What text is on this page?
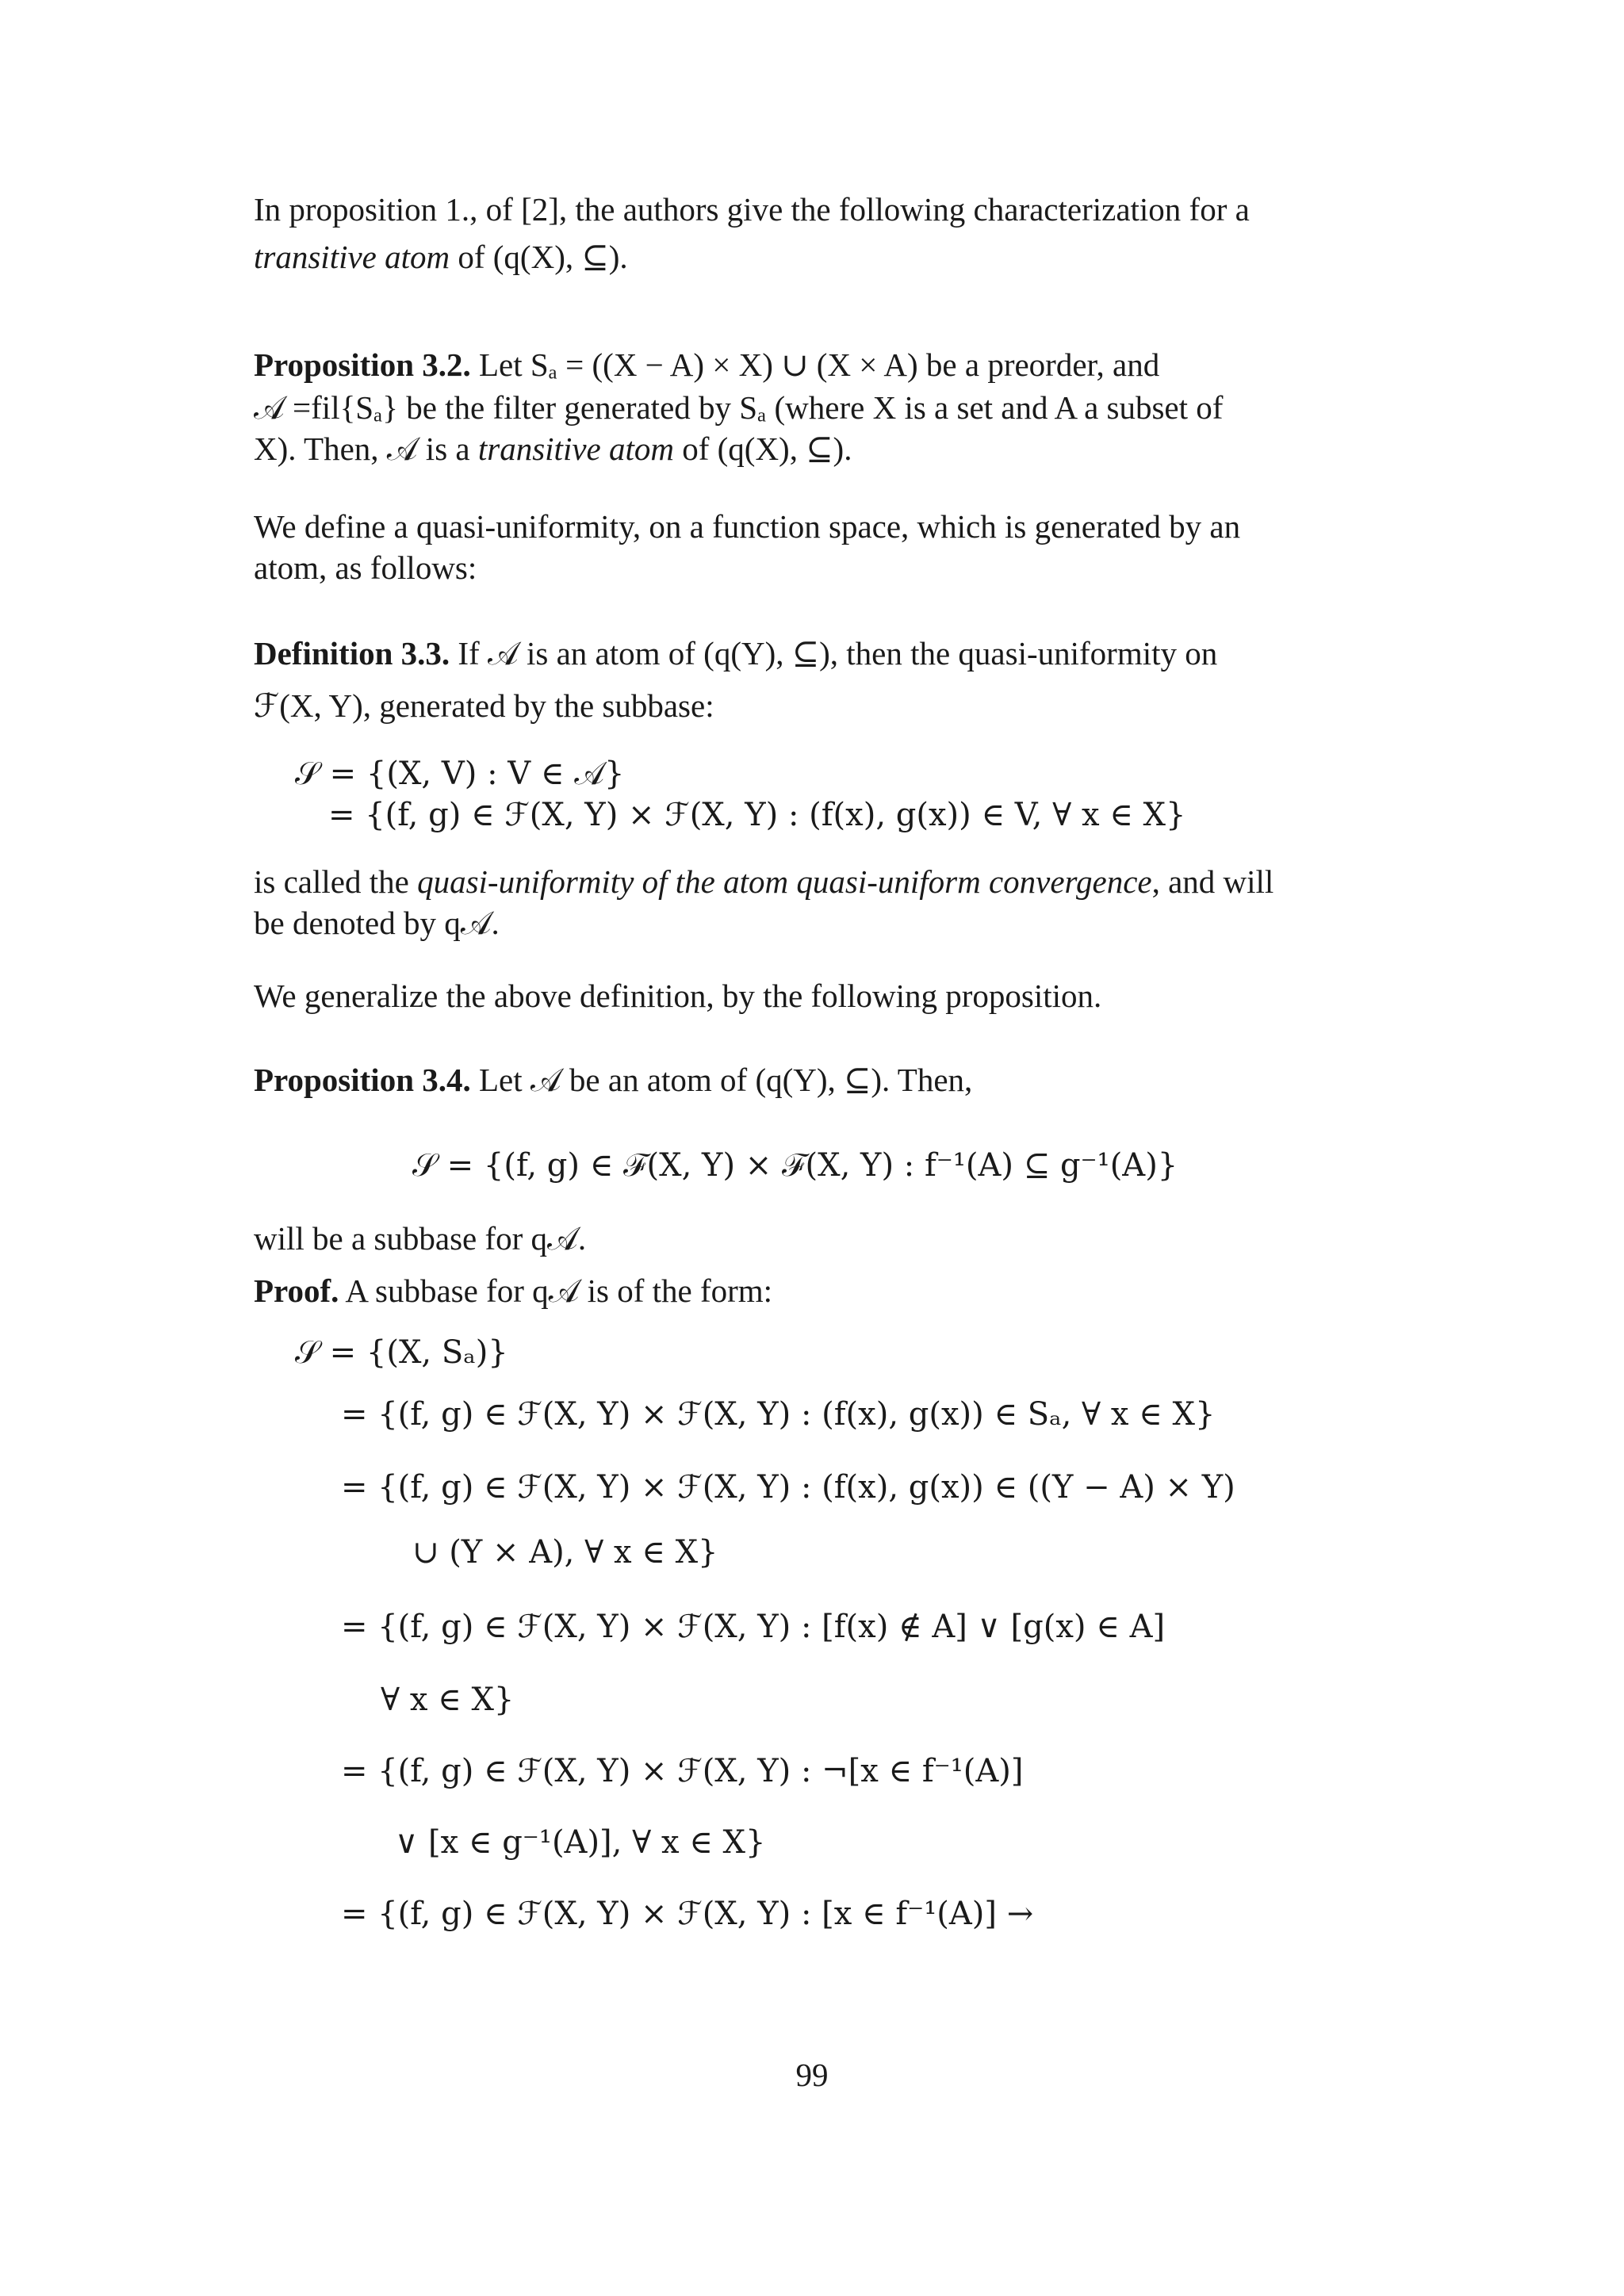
In proposition 1., of [2], the authors give the following characterization for a
transitive atom of (q(X), ⊆).
Proposition 3.2. Let Sₐ = ((X − A) × X) ∪ (X × A) be a preorder, and
𝒜 =fil{Sₐ} be the filter generated by Sₐ (where X is a set and A a subset of
X). Then, 𝒜 is a transitive atom of (q(X), ⊆).
We define a quasi-uniformity, on a function space, which is generated by an
atom, as follows:
Definition 3.3. If 𝒜 is an atom of (q(Y), ⊆), then the quasi-uniformity on
ℱ(X, Y), generated by the subbase:
𝒮 = {(X, V) : V ∈ 𝒜}
= {(f, g) ∈ ℱ(X, Y) × ℱ(X, Y) : (f(x), g(x)) ∈ V, ∀ x ∈ X}
is called the quasi-uniformity of the atom quasi-uniform convergence, and will
be denoted by q𝒜.
We generalize the above definition, by the following proposition.
Proposition 3.4. Let 𝒜 be an atom of (q(Y), ⊆). Then,
𝒮 = {(f, g) ∈ ℱ(X, Y) × ℱ(X, Y) : f⁻¹(A) ⊆ g⁻¹(A)}
will be a subbase for q𝒜.
Proof. A subbase for q𝒜 is of the form:
𝒮 = {(X, Sₐ)}
= {(f, g) ∈ ℱ(X, Y) × ℱ(X, Y) : (f(x), g(x)) ∈ Sₐ, ∀ x ∈ X}
= {(f, g) ∈ ℱ(X, Y) × ℱ(X, Y) : (f(x), g(x)) ∈ ((Y − A) × Y)
∪ (Y × A), ∀ x ∈ X}
= {(f, g) ∈ ℱ(X, Y) × ℱ(X, Y) : [f(x) ∉ A] ∨ [g(x) ∈ A]
∀ x ∈ X}
= {(f, g) ∈ ℱ(X, Y) × ℱ(X, Y) : ¬[x ∈ f⁻¹(A)]
∨ [x ∈ g⁻¹(A)], ∀ x ∈ X}
= {(f, g) ∈ ℱ(X, Y) × ℱ(X, Y) : [x ∈ f⁻¹(A)] →
99
